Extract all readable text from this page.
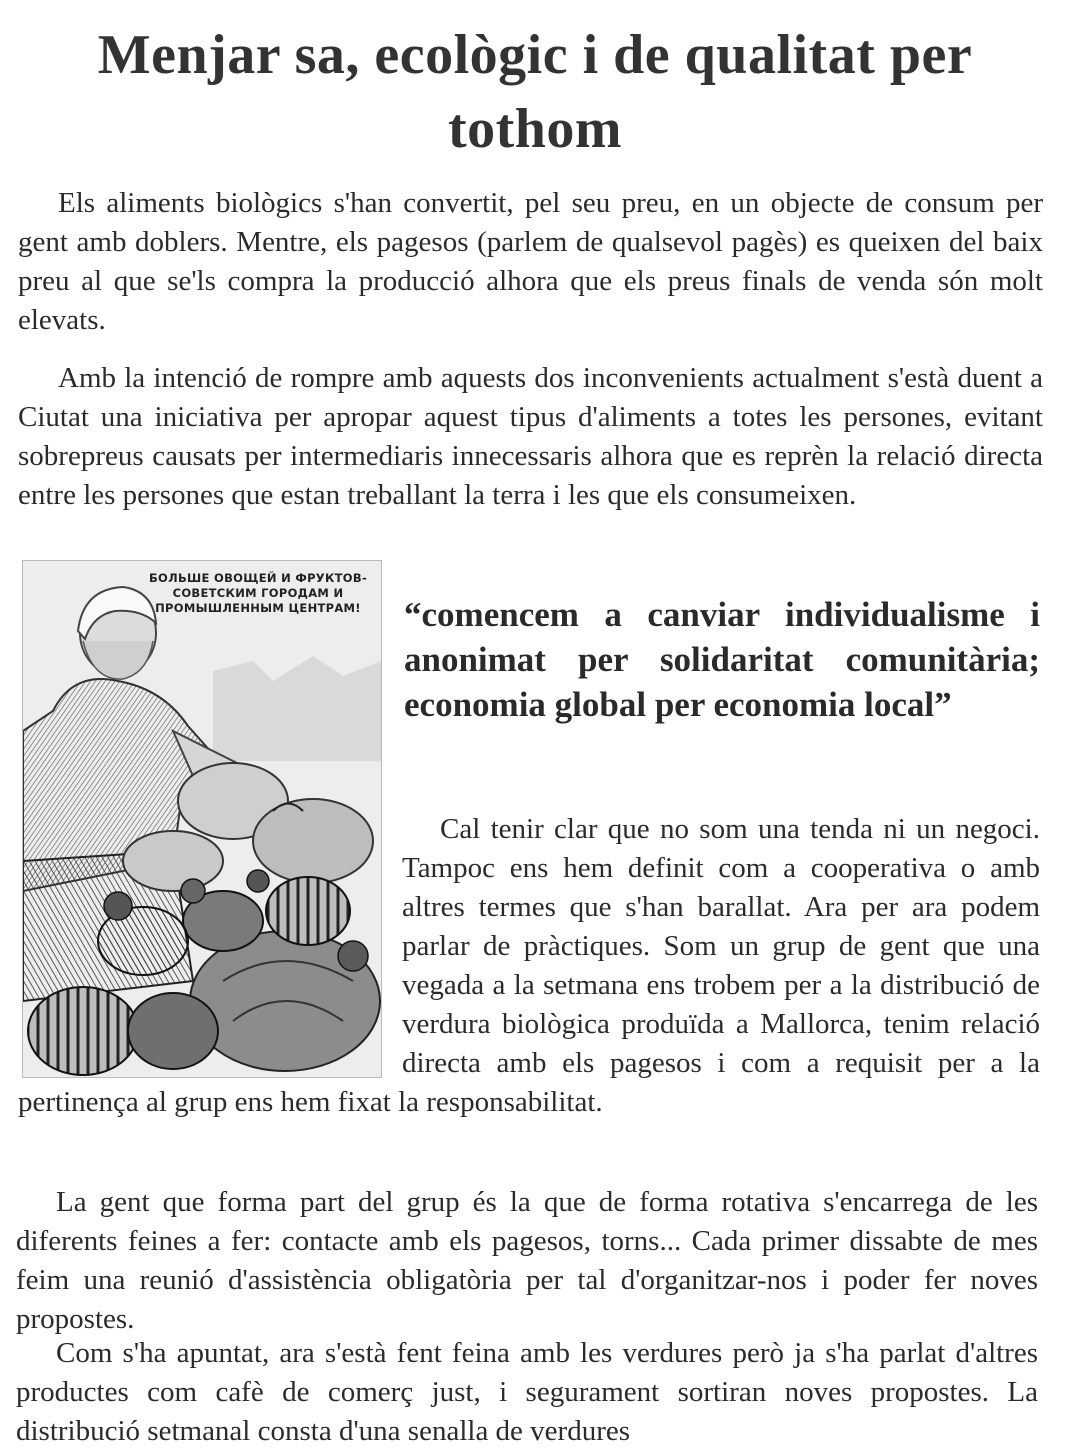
Menjar sa, ecològic i de qualitat per tothom

Els aliments biològics s'han convertit, pel seu preu, en un objecte de consum per gent amb doblers. Mentre, els pagesos (parlem de qualsevol pagès) es queixen del baix preu al que se'ls compra la producció alhora que els preus finals de venda són molt elevats.

Amb la intenció de rompre amb aquests dos inconvenients actualment s'està duent a Ciutat una iniciativa per apropar aquest tipus d'aliments a totes les persones, evitant sobrepreus causats per intermediaris innecessaris alhora que es reprèn la relació directa entre les persones que estan treballant la terra i les que els consumeixen.

БОЛЬШЕ ОВОЩЕЙ И ФРУКТОВ-
СОВЕТСКИМ ГОРОДАМ И
ПРОМЫШЛЕННЫМ ЦЕНТРАМ!	“comencem a canviar individualisme i anonimat per solidaritat comunitària; economia global per economia local”

Cal tenir clar que no som una tenda ni un negoci. Tampoc ens hem definit com a cooperativa o amb altres termes que s'han barallat. Ara per ara podem parlar de pràctiques. Som un grup de gent que una vegada a la setmana ens trobem per a la distribució de verdura biològica produïda a Mallorca, tenim relació directa amb els pagesos i com a requisit per a la pertinença al grup ens hem fixat la responsabilitat.

La gent que forma part del grup és la que de forma rotativa s'encarrega de les diferents feines a fer: contacte amb els pagesos, torns... Cada primer dissabte de mes feim una reunió d'assistència obligatòria per tal d'organitzar-nos i poder fer noves propostes.

Com s'ha apuntat, ara s'està fent feina amb les verdures però ja s'ha parlat d'altres productes com cafè de comerç just, i segurament sortiran noves propostes. La distribució setmanal consta d'una senalla de verdures
